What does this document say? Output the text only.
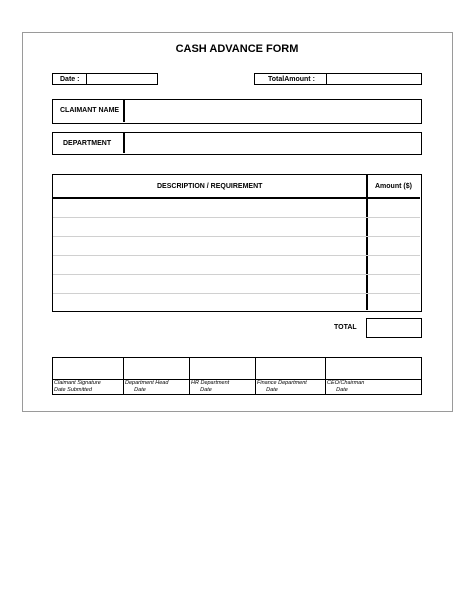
CASH ADVANCE FORM
Date :	TotalAmount :
CLAIMANT NAME
DEPARTMENT
DESCRIPTION / REQUIREMENT	Amount ($)
TOTAL
Claimant Signature
Date Submitted
Department Head
Date
HR Department
Date
Finance Department
Date
CEO/Chairman
Date
